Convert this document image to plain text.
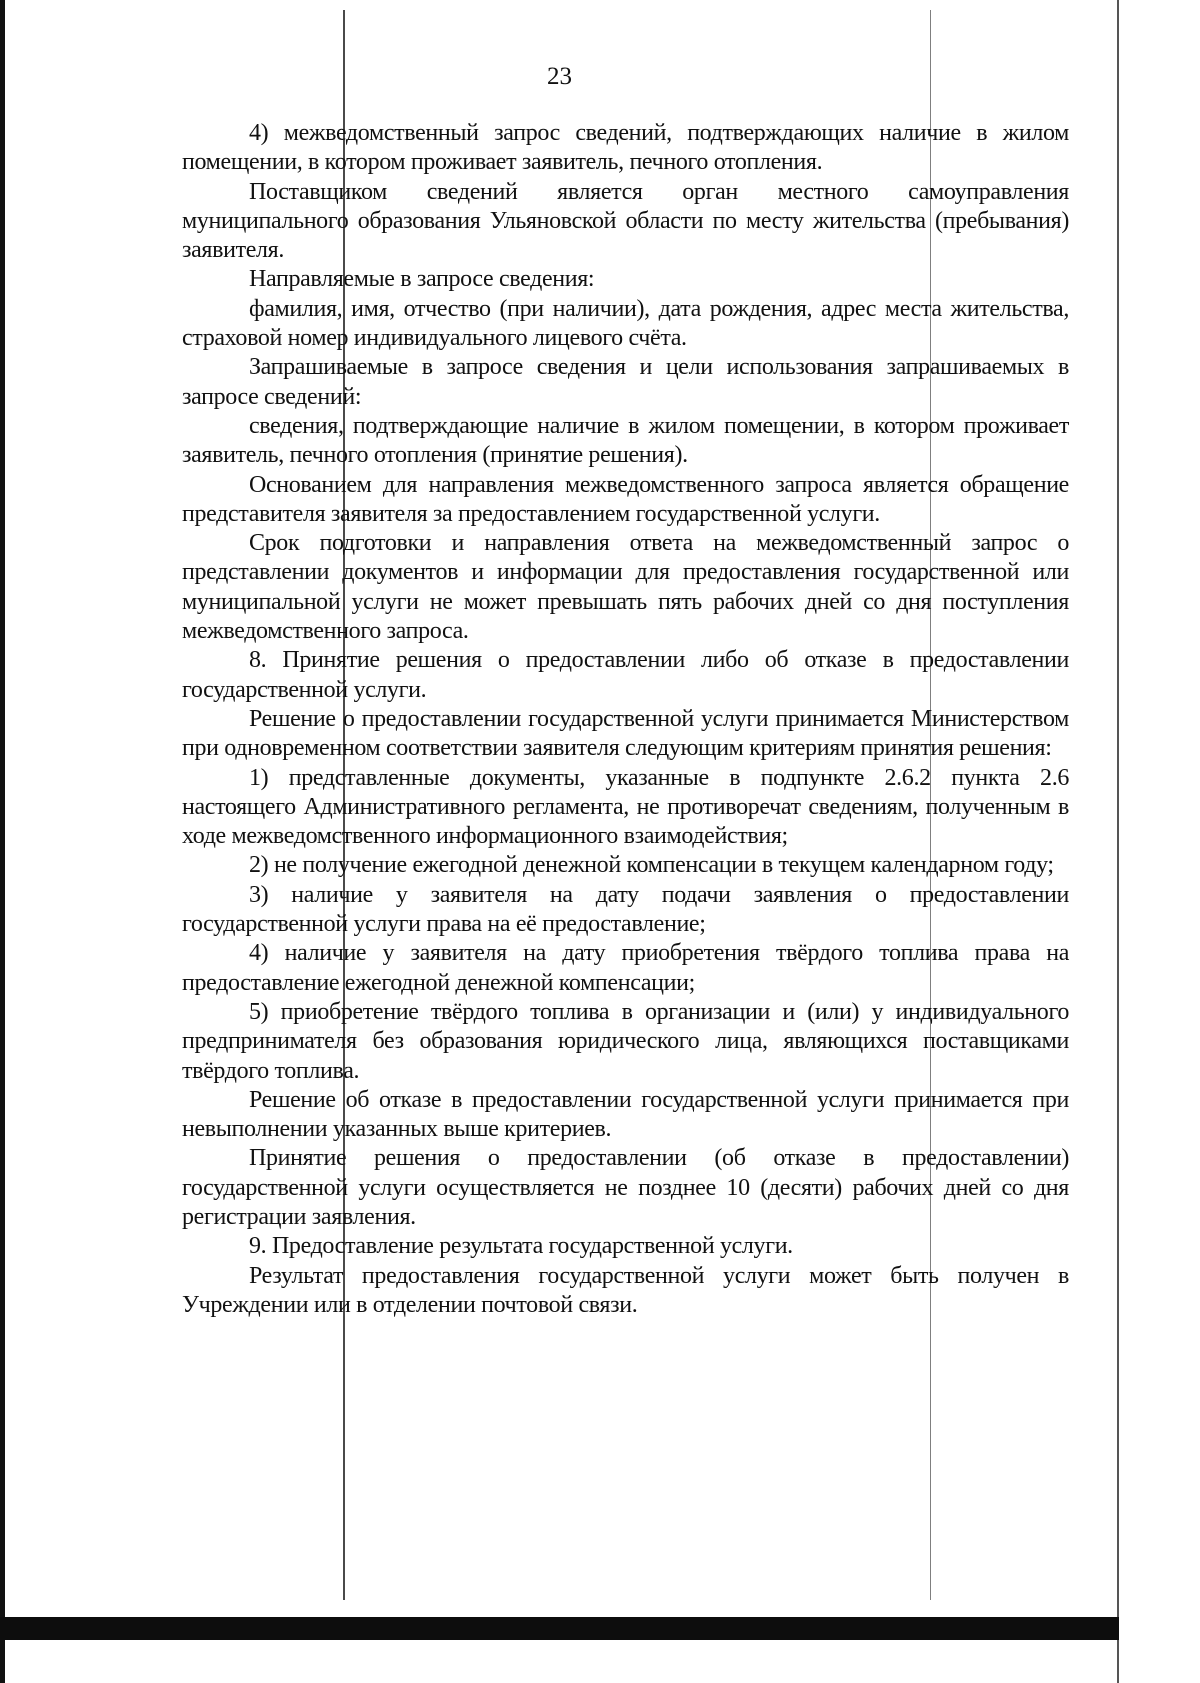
23

4) межведомственный запрос сведений, подтверждающих наличие в жилом помещении, в котором проживает заявитель, печного отопления.

Поставщиком сведений является орган местного самоуправления муниципального образования Ульяновской области по месту жительства (пребывания) заявителя.

Направляемые в запросе сведения:

фамилия, имя, отчество (при наличии), дата рождения, адрес места жительства, страховой номер индивидуального лицевого счёта.

Запрашиваемые в запросе сведения и цели использования запрашиваемых в запросе сведений:

сведения, подтверждающие наличие в жилом помещении, в котором проживает заявитель, печного отопления (принятие решения).

Основанием для направления межведомственного запроса является обращение представителя заявителя за предоставлением государственной услуги.

Срок подготовки и направления ответа на межведомственный запрос о представлении документов и информации для предоставления государственной или муниципальной услуги не может превышать пять рабочих дней со дня поступления межведомственного запроса.

8. Принятие решения о предоставлении либо об отказе в предоставлении государственной услуги.

Решение о предоставлении государственной услуги принимается Министерством при одновременном соответствии заявителя следующим критериям принятия решения:

1) представленные документы, указанные в подпункте 2.6.2 пункта 2.6 настоящего Административного регламента, не противоречат сведениям, полученным в ходе межведомственного информационного взаимодействия;

2) не получение ежегодной денежной компенсации в текущем календарном году;

3) наличие у заявителя на дату подачи заявления о предоставлении государственной услуги права на её предоставление;

4) наличие у заявителя на дату приобретения твёрдого топлива права на предоставление ежегодной денежной компенсации;

5) приобретение твёрдого топлива в организации и (или) у индивидуального предпринимателя без образования юридического лица, являющихся поставщиками твёрдого топлива.

Решение об отказе в предоставлении государственной услуги принимается при невыполнении указанных выше критериев.

Принятие решения о предоставлении (об отказе в предоставлении) государственной услуги осуществляется не позднее 10 (десяти) рабочих дней со дня регистрации заявления.

9. Предоставление результата государственной услуги.

Результат предоставления государственной услуги может быть получен в Учреждении или в отделении почтовой связи.
